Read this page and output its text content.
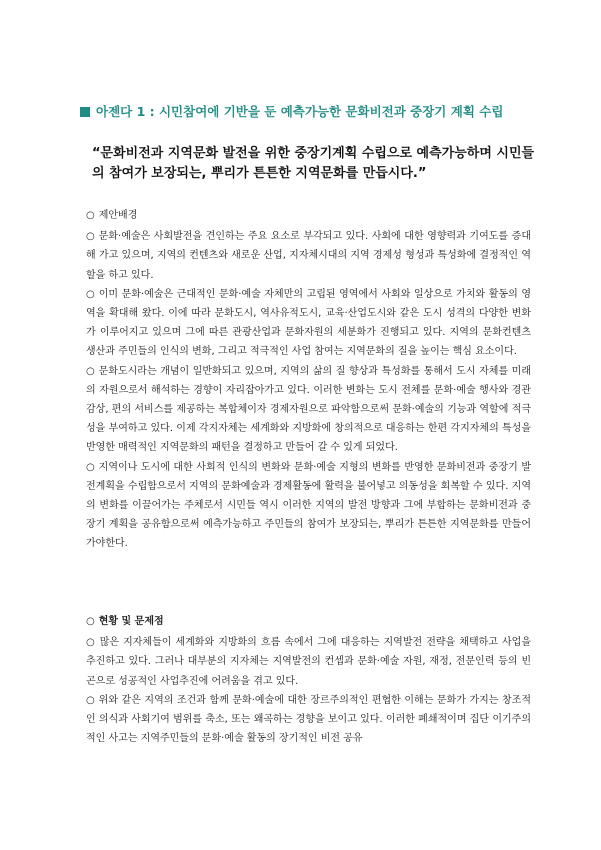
아젠다 1 : 시민참여에 기반을 둔 예측가능한 문화비전과 중장기 계획 수립
“문화비전과 지역문화 발전을 위한 중장기계획 수립으로 예측가능하며 시민들의 참여가 보장되는, 뿌리가 튼튼한 지역문화를 만듭시다.”
○ 제안배경

○ 문화·예술은 사회발전을 견인하는 주요 요소로 부각되고 있다. 사회에 대한 영향력과 기여도를 증대해 가고 있으며, 지역의 컨텐츠와 새로운 산업, 지자체시대의 지역 경제성 형성과 특성화에 결정적인 역할을 하고 있다.

○ 이미 문화·예술은 근대적인 문화·예술 자체만의 고립된 영역에서 사회와 일상으로 가치와 활동의 영역을 확대해 왔다. 이에 따라 문화도시, 역사유적도시, 교육·산업도시와 같은 도시 성격의 다양한 변화가 이루어지고 있으며 그에 따른 관광산업과 문화자원의 세분화가 진행되고 있다. 지역의 문화컨텐츠 생산과 주민들의 인식의 변화, 그리고 적극적인 사업 참여는 지역문화의 질을 높이는 핵심 요소이다.

○ 문화도시라는 개념이 일반화되고 있으며, 지역의 삶의 질 향상과 특성화를 통해서 도시 자체를 미래의 자원으로서 해석하는 경향이 자리잡아가고 있다. 이러한 변화는 도시 전체를 문화·예술 행사와 경관 감상, 편의 서비스를 제공하는 복합체이자 경제자원으로 파악함으로써 문화·예술의 기능과 역할에 적극성을 부여하고 있다. 이제 각지자체는 세계화와 지방화에 창의적으로 대응하는 한편 각지자체의 특성을 반영한 매력적인 지역문화의 패턴을 결정하고 만들어 갈 수 있게 되었다.

○ 지역이나 도시에 대한 사회적 인식의 변화와 문화·예술 지형의 변화를 반영한 문화비전과 중장기 발전계획을 수립함으로서 지역의 문화예술과 경제활동에 활력을 불어넣고 의동성을 회복할 수 있다. 지역의 변화를 이끌어가는 주체로서 시민들 역시 이러한 지역의 발전 방향과 그에 부합하는 문화비전과 중장기 계획을 공유함으로써 예측가능하고 주민들의 참여가 보장되는, 뿌리가 튼튼한 지역문화를 만들어 가야한다.

○ 현황 및 문제점

○ 많은 지자체들이 세계화와 지방화의 흐름 속에서 그에 대응하는 지역발전 전략을 채택하고 사업을 추진하고 있다. 그러나 대부분의 지자체는 지역발전의 컨셉과 문화·예술 자원, 재정, 전문인력 등의 빈곤으로 성공적인 사업추진에 어려움을 겪고 있다.

○ 위와 같은 지역의 조건과 함께 문화·예술에 대한 장르주의적인 편협한 이해는 문화가 가지는 창조적인 의식과 사회기여 범위를 축소, 또는 왜곡하는 경향을 보이고 있다. 이러한 폐쇄적이며 집단 이기주의적인 사고는 지역주민들의 문화·예술 활동의 장기적인 비전 공유
